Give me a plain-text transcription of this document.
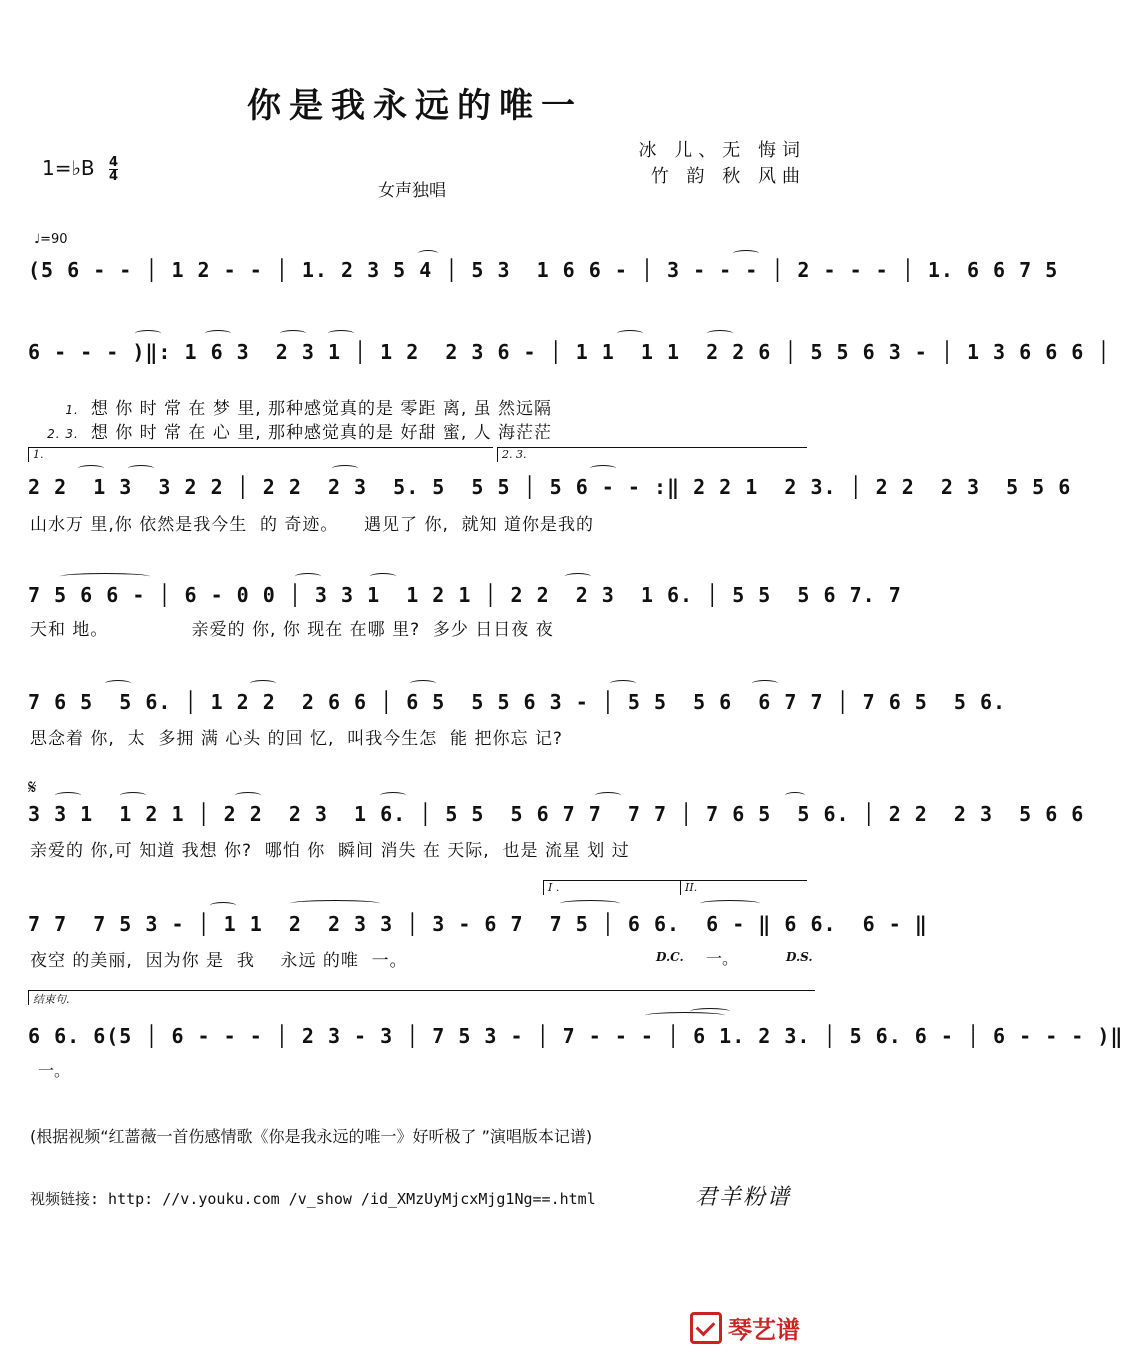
你是我永远的唯一
1=♭B $\frac{4}{4}$
女声独唱
冰 儿、无 悔词
竹 韵 秋 风曲
♩=90
(5 6 - - │ 1 2 - - │ 1. 2 3 5 4 │ 5 3  1 6 6 - │ 3 - - - │ 2 - - - │ 1. 6 6 7 5
6 - - - )‖: 1 6 3  2 3 1 │ 1 2  2 3 6 - │ 1 1  1 1  2 2 6 │ 5 5 6 3 - │ 1 3 6 6 6 │

1. 想 你 时 常 在 梦 里, 那种感觉真的是 零距 离, 虽 然远隔

2. 3. 想 你 时 常 在 心 里, 那种感觉真的是 好甜 蜜, 人 海茫茫

1.	2. 3.
2 2  1 3  3 2 2 │ 2 2  2 3  5. 5  5 5 │ 5 6 - - :‖ 2 2 1  2 3. │ 2 2  2 3  5 5 6
山水万 里,你 依然是我今生  的 奇迹。    遇见了 你,  就知 道你是我的
7 5 6 6 - │ 6 - 0 0 │ 3 3 1  1 2 1 │ 2 2  2 3  1 6. │ 5 5  5 6 7. 7
天和 地。             亲爱的 你, 你 现在 在哪 里?  多少 日日夜 夜
7 6 5  5 6. │ 1 2 2  2 6 6 │ 6 5  5 5 6 3 - │ 5 5  5 6  6 7 7 │ 7 6 5  5 6.
思念着 你,  太  多拥 满 心头 的回 忆,  叫我今生怎  能 把你忘 记?
𝄋
3 3 1  1 2 1 │ 2 2  2 3  1 6. │ 5 5  5 6 7 7  7 7 │ 7 6 5  5 6. │ 2 2  2 3  5 6 6
亲爱的 你,可 知道 我想 你?  哪怕 你  瞬间 消失 在 天际,  也是 流星 划 过
I .	II.
7 7  7 5 3 - │ 1 1  2  2 3 3 │ 3 - 6 7  7 5 │ 6 6.  6 - ‖ 6 6.  6 - ‖
夜空 的美丽,  因为你 是  我    永远 的唯  一。	D.C. 一。	D.S.
结束句.
6 6. 6(5 │ 6 - - - │ 2 3 - 3 │ 7 5 3 - │ 7 - - - │ 6 1. 2 3. │ 5 6. 6 - │ 6 - - - )‖
一。
(根据视频“红蔷薇一首伤感情歌《你是我永远的唯一》好听极了 ”演唱版本记谱)
视频链接: http: //v.youku.com /v_show /id_XMzUyMjcxMjg1Ng==.html	君羊粉谱
琴艺谱
